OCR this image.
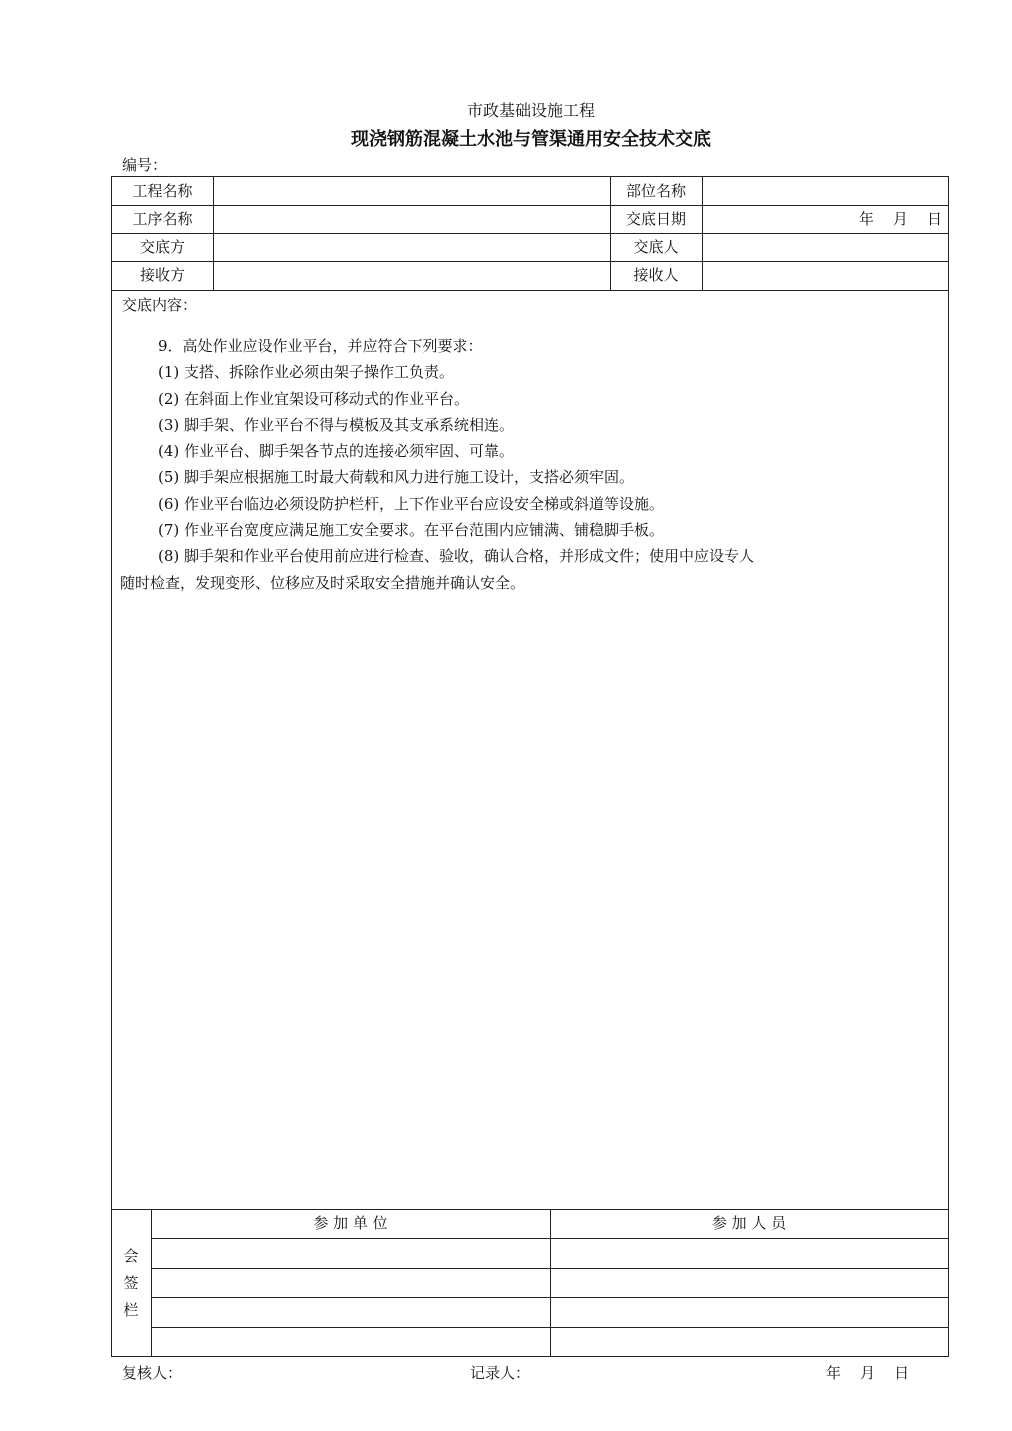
市政基础设施工程
现浇钢筋混凝土水池与管渠通用安全技术交底
编号：
工程名称	部位名称
工序名称	交底日期	年    月    日
交底方	交底人
接收方	接收人
参 加 单 位	参 加 人 员
交底内容：

9．高处作业应设作业平台，并应符合下列要求：

(1) 支搭、拆除作业必须由架子操作工负责。

(2) 在斜面上作业宜架设可移动式的作业平台。

(3) 脚手架、作业平台不得与模板及其支承系统相连。

(4) 作业平台、脚手架各节点的连接必须牢固、可靠。

(5) 脚手架应根据施工时最大荷载和风力进行施工设计，支搭必须牢固。

(6) 作业平台临边必须设防护栏杆，上下作业平台应设安全梯或斜道等设施。

(7) 作业平台宽度应满足施工安全要求。在平台范围内应铺满、铺稳脚手板。

(8) 脚手架和作业平台使用前应进行检查、验收，确认合格，并形成文件；使用中应设专人

随时检查，发现变形、位移应及时采取安全措施并确认安全。

会
签
栏
复核人：	记录人：	年    月    日
